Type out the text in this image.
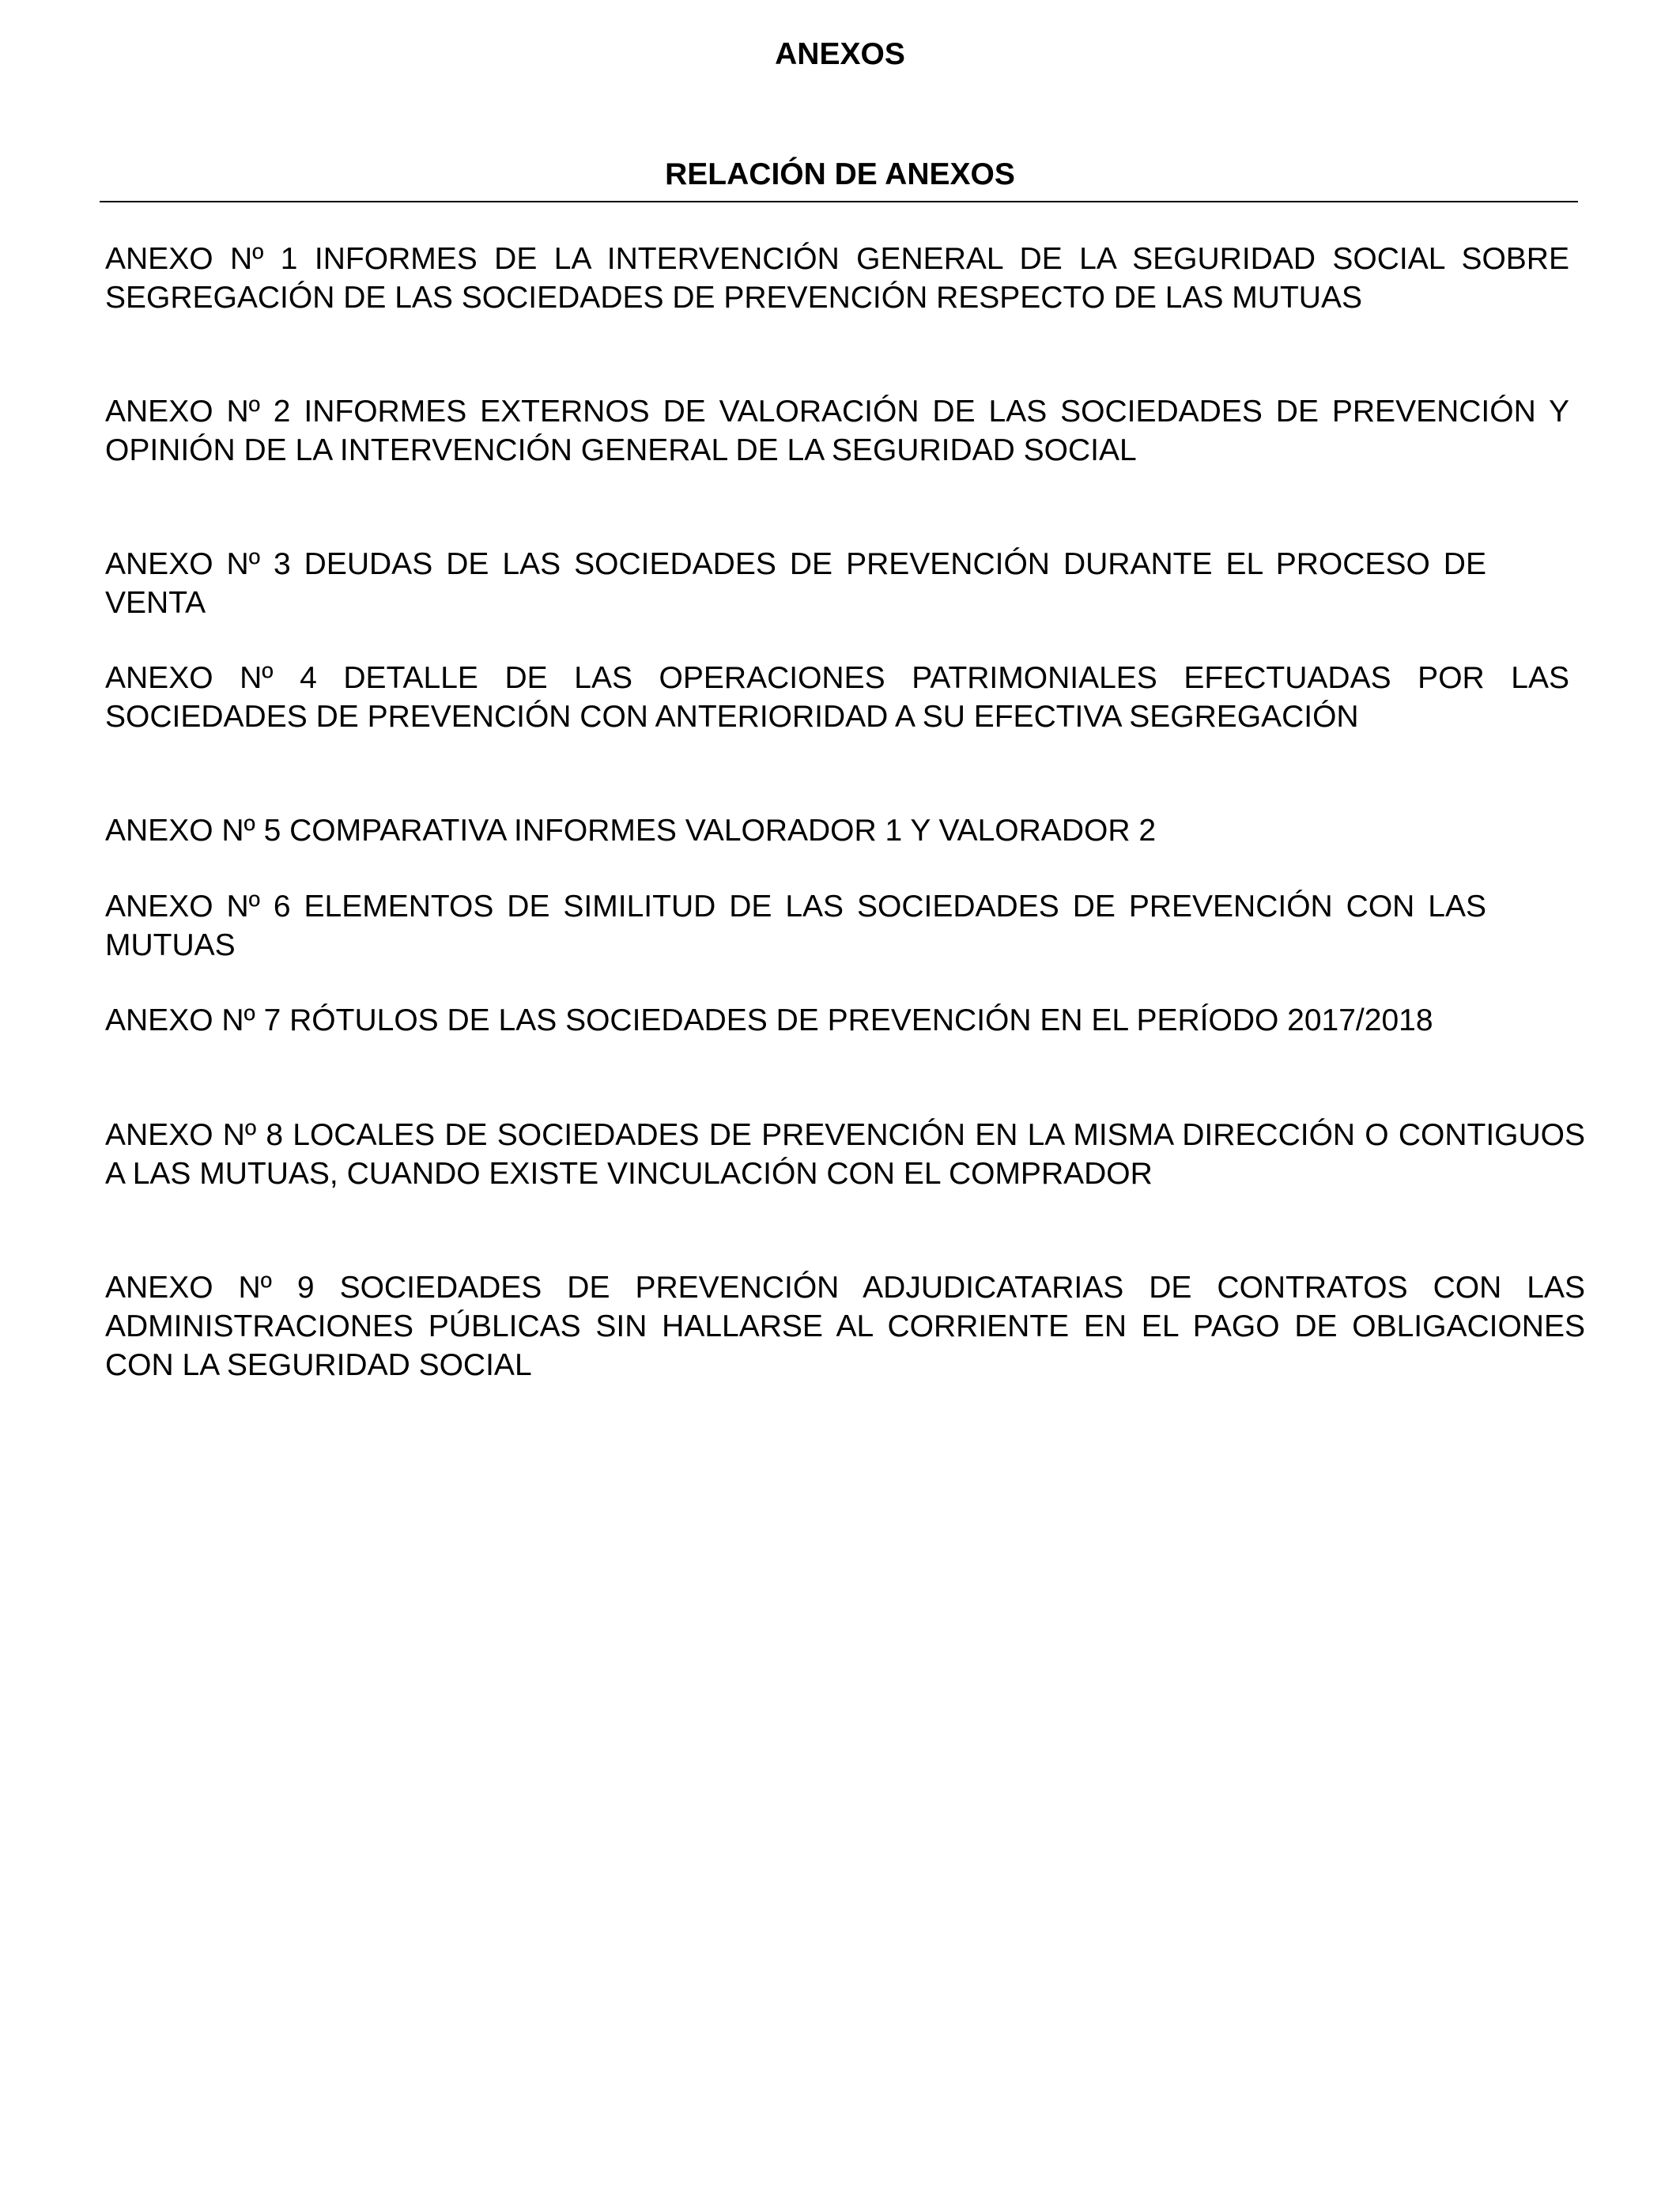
ANEXOS
RELACIÓN DE ANEXOS
ANEXO Nº 1 INFORMES DE LA INTERVENCIÓN GENERAL DE LA SEGURIDAD SOCIAL SOBRE SEGREGACIÓN DE LAS SOCIEDADES DE PREVENCIÓN RESPECTO DE LAS MUTUAS
ANEXO Nº 2 INFORMES EXTERNOS DE VALORACIÓN DE LAS SOCIEDADES DE PREVENCIÓN Y OPINIÓN DE LA INTERVENCIÓN GENERAL DE LA SEGURIDAD SOCIAL
ANEXO Nº 3 DEUDAS DE LAS SOCIEDADES DE PREVENCIÓN DURANTE EL PROCESO DE VENTA
ANEXO Nº 4 DETALLE DE LAS OPERACIONES PATRIMONIALES EFECTUADAS POR LAS SOCIEDADES DE PREVENCIÓN CON ANTERIORIDAD A SU EFECTIVA SEGREGACIÓN
ANEXO Nº 5 COMPARATIVA INFORMES VALORADOR 1 Y VALORADOR 2
ANEXO Nº 6 ELEMENTOS DE SIMILITUD DE LAS SOCIEDADES DE PREVENCIÓN CON LAS MUTUAS
ANEXO Nº 7 RÓTULOS DE LAS SOCIEDADES DE PREVENCIÓN EN EL PERÍODO 2017/2018
ANEXO Nº 8 LOCALES DE SOCIEDADES DE PREVENCIÓN EN LA MISMA DIRECCIÓN O CONTIGUOS A LAS MUTUAS, CUANDO EXISTE VINCULACIÓN CON EL COMPRADOR
ANEXO Nº 9 SOCIEDADES DE PREVENCIÓN ADJUDICATARIAS DE CONTRATOS CON LAS ADMINISTRACIONES PÚBLICAS SIN HALLARSE AL CORRIENTE EN EL PAGO DE OBLIGACIONES CON LA SEGURIDAD SOCIAL
